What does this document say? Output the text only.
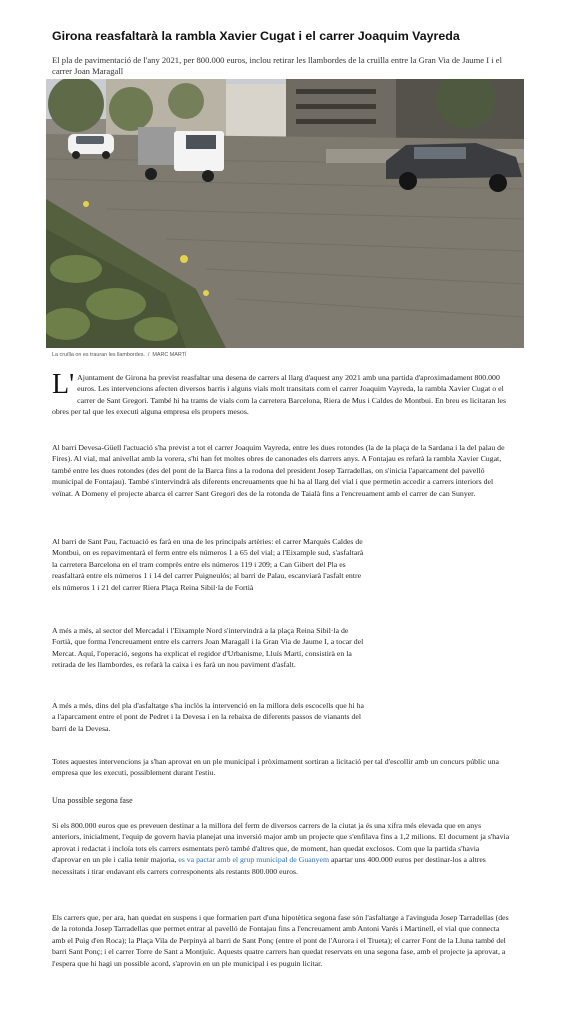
Girona reasfaltarà la rambla Xavier Cugat i el carrer Joaquim Vayreda

El pla de pavimentació de l'any 2021, per 800.000 euros, inclou retirar les llambordes de la cruïlla entre la Gran Via de Jaume I i el carrer Joan Maragall

La cruïlla on es trauran les llambordes. / MARC MARTÍ
L' Ajuntament de Girona ha previst reasfaltar una desena de carrers al llarg d'aquest any 2021 amb una partida d'aproximadament 800.000 euros. Les intervencions afecten diversos barris i alguns vials molt transitats com el carrer Joaquim Vayreda, la rambla Xavier Cugat o el carrer de Sant Gregori. També hi ha trams de vials com la carretera Barcelona, Riera de Mus i Caldes de Montbui. En breu es licitaran les obres per tal que les executi alguna empresa els propers mesos.

Al barri Devesa-Güell l'actuació s'ha previst a tot el carrer Joaquim Vayreda, entre les dues rotondes (la de la plaça de la Sardana i la del palau de Fires). Al vial, mal anivellat amb la vorera, s'hi han fet moltes obres de canonades els darrers anys. A Fontajau es refarà la rambla Xavier Cugat, també entre les dues rotondes (des del pont de la Barca fins a la rodona del president Josep Tarradellas, on s'inicia l'aparcament del pavelló municipal de Fontajau). També s'intervindrà als diferents encreuaments que hi ha al llarg del vial i que permetin accedir a carrers interiors del veïnat. A Domeny el projecte abarca el carrer Sant Gregori des de la rotonda de Taialà fins a l'encreuament amb el carrer de can Sunyer.

Al barri de Sant Pau, l'actuació es farà en una de les principals artèries: el carrer Marquès Caldes de Montbui, on es repavimentarà el ferm entre els números 1 a 65 del vial; a l'Eixample sud, s'asfaltarà la carretera Barcelona en el tram comprès entre els números 119 i 209; a Can Gibert del Pla es reasfaltarà entre els números 1 i 14 del carrer Puigneulós; al barri de Palau, escanviarà l'asfalt entre els números 1 i 21 del carrer Riera Plaça Reina Sibil·la de Fortià

A més a més, al sector del Mercadal i l'Eixample Nord s'intervindrà a la plaça Reina Sibil·la de Fortià, que forma l'encreuament entre els carrers Joan Maragall i la Gran Via de Jaume I, a tocar del Mercat. Aquí, l'operació, segons ha explicat el regidor d'Urbanisme, Lluís Martí, consistirà en la retirada de les llambordes, es refarà la caixa i es farà un nou paviment d'asfalt.

A més a més, dins del pla d'asfaltatge s'ha inclòs la intervenció en la millora dels escocells que hi ha a l'aparcament entre el pont de Pedret i la Devesa i en la rebaixa de diferents passos de vianants del barri de la Devesa.

Totes aquestes intervencions ja s'han aprovat en un ple municipal i pròximament sortiran a licitació per tal d'escollir amb un concurs públic una empresa que les executi, possiblement durant l'estiu.

Una possible segona fase

Si els 800.000 euros que es preveuen destinar a la millora del ferm de diversos carrers de la ciutat ja és una xifra més elevada que en anys anteriors, inicialment, l'equip de govern havia planejat una inversió major amb un projecte que s'enfilava fins a 1,2 milions. El document ja s'havia aprovat i redactat i incloïa tots els carrers esmentats però també d'altres que, de moment, han quedat exclosos. Com que la partida s'havia d'aprovar en un ple i calia tenir majoria, es va pactar amb el grup municipal de Guanyem apartar uns 400.000 euros per destinar-los a altres necessitats i tirar endavant els carrers corresponents als restants 800.000 euros.

Els carrers que, per ara, han quedat en suspens i que formarien part d'una hipotètica segona fase són l'asfaltatge a l'avinguda Josep Tarradellas (des de la rotonda Josep Tarradellas que permet entrar al pavelló de Fontajau fins a l'encreuament amb Antoni Varés i Martinell, el vial que connecta amb el Puig d'en Roca); la Plaça Vila de Perpinyà al barri de Sant Ponç (entre el pont de l'Aurora i el Trueta); el carrer Font de la Lluna també del barri Sant Ponç; i el carrer Torre de Sant a Montjuïc. Aquests quatre carrers han quedat reservats en una segona fase, amb el projecte ja aprovat, a l'espera que hi hagi un possible acord, s'aprovin en un ple municipal i es puguin licitar.
